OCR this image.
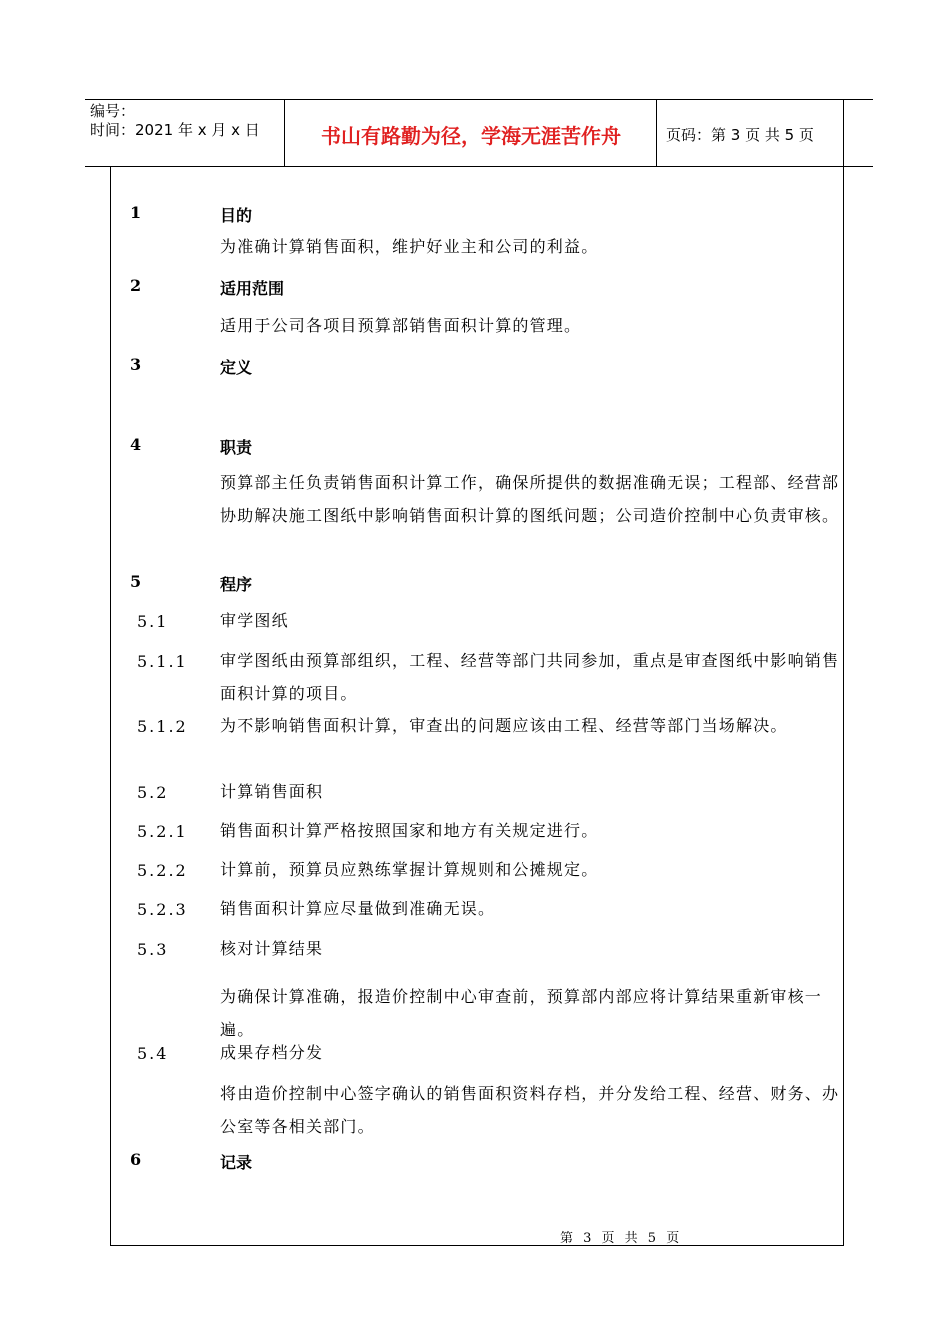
编号：
时间：2021 年 x 月 x 日	书山有路勤为径，学海无涯苦作舟	页码：第 3 页 共 5 页
1	目的
为准确计算销售面积，维护好业主和公司的利益。
2	适用范围
适用于公司各项目预算部销售面积计算的管理。
3	定义
4	职责
预算部主任负责销售面积计算工作，确保所提供的数据准确无误；工程部、经营部协助解决施工图纸中影响销售面积计算的图纸问题；公司造价控制中心负责审核。
5	程序
5.1	审学图纸
5.1.1 审学图纸由预算部组织，工程、经营等部门共同参加，重点是审查图纸中影响销售面积计算的项目。
5.1.2 为不影响销售面积计算，审查出的问题应该由工程、经营等部门当场解决。
5.2	计算销售面积
5.2.1 销售面积计算严格按照国家和地方有关规定进行。
5.2.2 计算前，预算员应熟练掌握计算规则和公摊规定。
5.2.3 销售面积计算应尽量做到准确无误。
5.3	核对计算结果
为确保计算准确，报造价控制中心审查前，预算部内部应将计算结果重新审核一遍。
5.4	成果存档分发
将由造价控制中心签字确认的销售面积资料存档，并分发给工程、经营、财务、办公室等各相关部门。
6	记录
第 3 页 共 5 页
